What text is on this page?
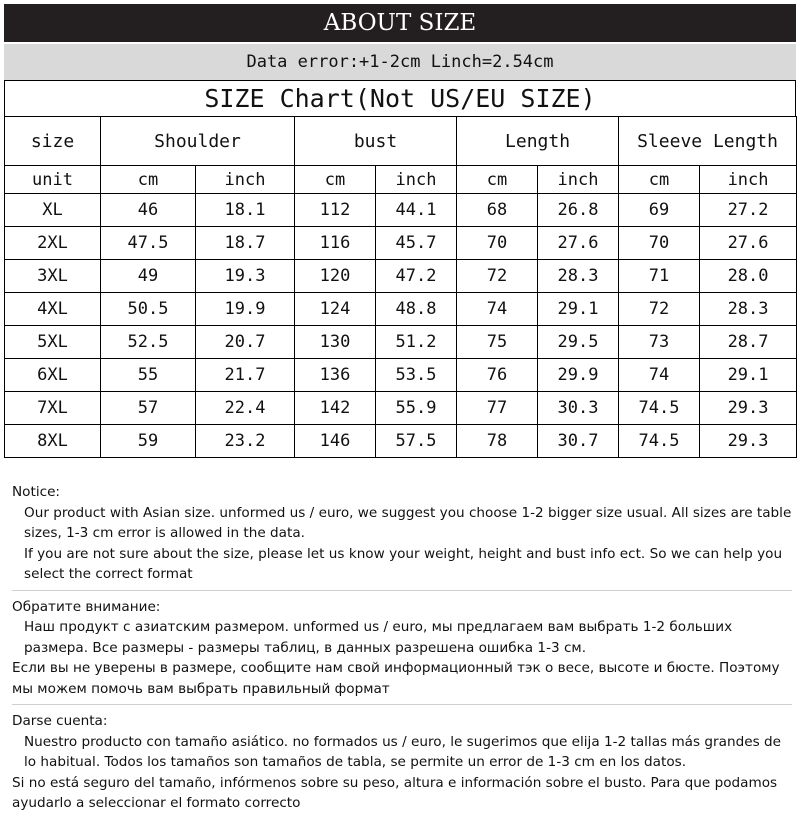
ABOUT SIZE
Data error:+1-2cm Linch=2.54cm
SIZE Chart(Not US/EU SIZE)
size	Shoulder		bust		Length		Sleeve Length	
unit	cm	inch	cm	inch	cm	inch	cm	inch
XL	46	18.1	112	44.1	68	26.8	69	27.2
2XL	47.5	18.7	116	45.7	70	27.6	70	27.6
3XL	49	19.3	120	47.2	72	28.3	71	28.0
4XL	50.5	19.9	124	48.8	74	29.1	72	28.3
5XL	52.5	20.7	130	51.2	75	29.5	73	28.7
6XL	55	21.7	136	53.5	76	29.9	74	29.1
7XL	57	22.4	142	55.9	77	30.3	74.5	29.3
8XL	59	23.2	146	57.5	78	30.7	74.5	29.3

Notice:

Our product with Asian size. unformed us / euro, we suggest you choose 1-2 bigger size usual. All sizes are table sizes, 1-3 cm error is allowed in the data.

If you are not sure about the size, please let us know your weight, height and bust info ect. So we can help you select the correct format

Обратите внимание:

Наш продукт с азиатским размером. unformed us / euro, мы предлагаем вам выбрать 1-2 больших размера. Все размеры - размеры таблиц, в данных разрешена ошибка 1-3 см.

Если вы не уверены в размере, сообщите нам свой информационный тэк о весе, высоте и бюсте. Поэтому мы можем помочь вам выбрать правильный формат

Darse cuenta:

Nuestro producto con tamaño asiático. no formados us / euro, le sugerimos que elija 1-2 tallas más grandes de lo habitual. Todos los tamaños son tamaños de tabla, se permite un error de 1-3 cm en los datos.

Si no está seguro del tamaño, infórmenos sobre su peso, altura e información sobre el busto. Para que podamos ayudarlo a seleccionar el formato correcto
